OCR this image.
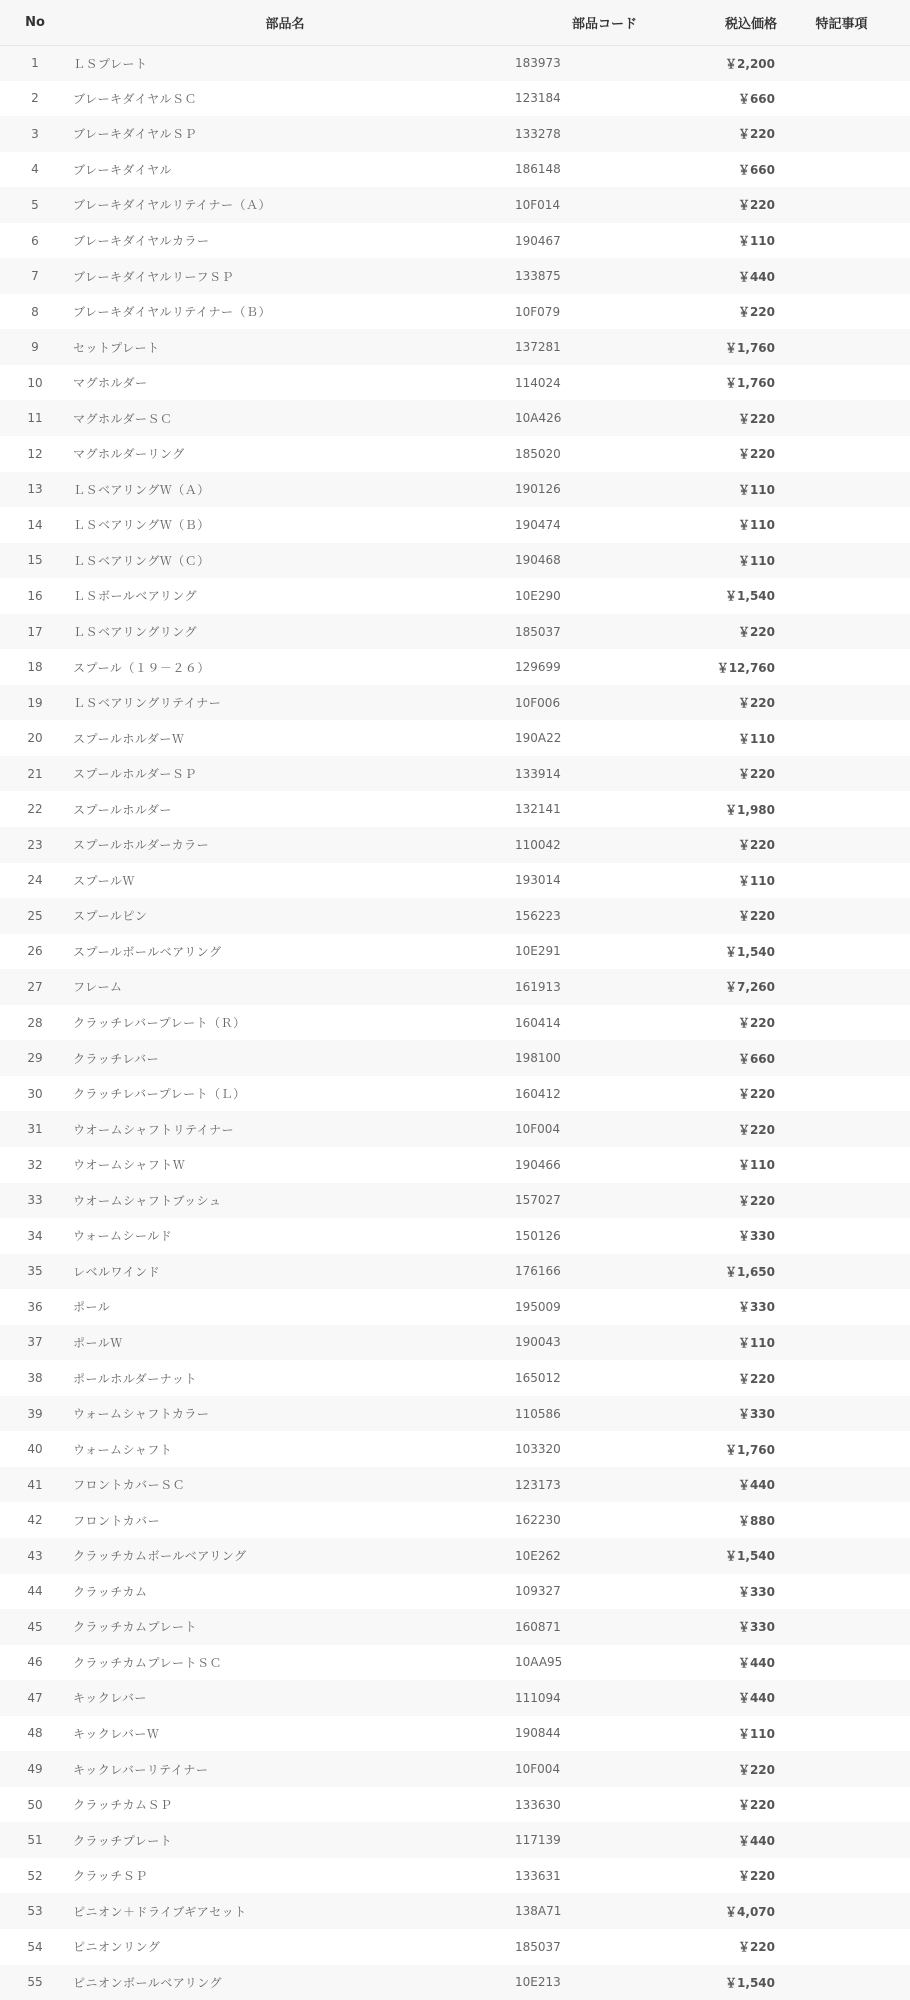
No	部品名	部品コード	税込価格	特記事項
1	ＬＳプレート	183973	￥2,200	
2	ブレーキダイヤルＳＣ	123184	￥660	
3	ブレーキダイヤルＳＰ	133278	￥220	
4	ブレーキダイヤル	186148	￥660	
5	ブレーキダイヤルリテイナー（Ａ）	10F014	￥220	
6	ブレーキダイヤルカラー	190467	￥110	
7	ブレーキダイヤルリーフＳＰ	133875	￥440	
8	ブレーキダイヤルリテイナー（Ｂ）	10F079	￥220	
9	セットプレート	137281	￥1,760	
10	マグホルダー	114024	￥1,760	
11	マグホルダーＳＣ	10A426	￥220	
12	マグホルダーリング	185020	￥220	
13	ＬＳベアリングＷ（Ａ）	190126	￥110	
14	ＬＳベアリングＷ（Ｂ）	190474	￥110	
15	ＬＳベアリングＷ（Ｃ）	190468	￥110	
16	ＬＳボールベアリング	10E290	￥1,540	
17	ＬＳベアリングリング	185037	￥220	
18	スプール（１９－２６）	129699	￥12,760	
19	ＬＳベアリングリテイナー	10F006	￥220	
20	スプールホルダーＷ	190A22	￥110	
21	スプールホルダーＳＰ	133914	￥220	
22	スプールホルダー	132141	￥1,980	
23	スプールホルダーカラー	110042	￥220	
24	スプールＷ	193014	￥110	
25	スプールピン	156223	￥220	
26	スプールボールベアリング	10E291	￥1,540	
27	フレーム	161913	￥7,260	
28	クラッチレバープレート（Ｒ）	160414	￥220	
29	クラッチレバー	198100	￥660	
30	クラッチレバープレート（Ｌ）	160412	￥220	
31	ウオームシャフトリテイナー	10F004	￥220	
32	ウオームシャフトＷ	190466	￥110	
33	ウオームシャフトブッシュ	157027	￥220	
34	ウォームシールド	150126	￥330	
35	レベルワインド	176166	￥1,650	
36	ポール	195009	￥330	
37	ポールＷ	190043	￥110	
38	ポールホルダーナット	165012	￥220	
39	ウォームシャフトカラー	110586	￥330	
40	ウォームシャフト	103320	￥1,760	
41	フロントカバーＳＣ	123173	￥440	
42	フロントカバー	162230	￥880	
43	クラッチカムボールベアリング	10E262	￥1,540	
44	クラッチカム	109327	￥330	
45	クラッチカムプレート	160871	￥330	
46	クラッチカムプレートＳＣ	10AA95	￥440	
47	キックレバー	111094	￥440	
48	キックレバーＷ	190844	￥110	
49	キックレバーリテイナー	10F004	￥220	
50	クラッチカムＳＰ	133630	￥220	
51	クラッチプレート	117139	￥440	
52	クラッチＳＰ	133631	￥220	
53	ピニオン＋ドライブギアセット	138A71	￥4,070	
54	ピニオンリング	185037	￥220	
55	ピニオンボールベアリング	10E213	￥1,540	
